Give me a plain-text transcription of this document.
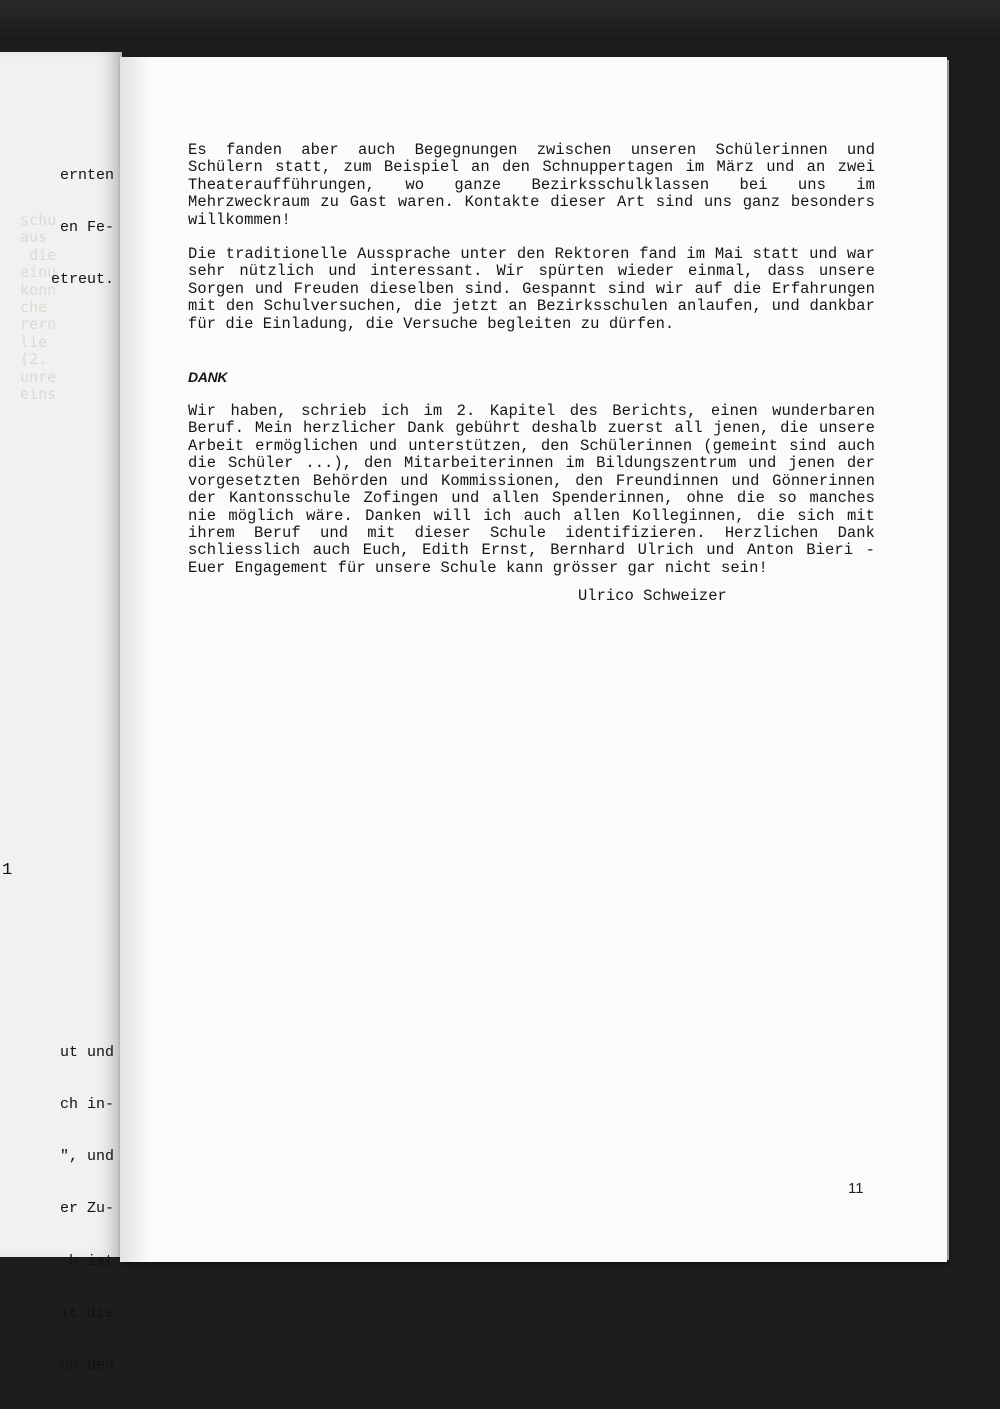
schu
aus
die
einu
konn
che
rern
lie
(2.
unre
eins

ernten

en Fe-

etreut.

1

ut und

ch in-

", und

er Zu-

h ist

it die

on den

Es fanden aber auch Begegnungen zwischen unseren Schülerinnen und Schülern statt, zum Beispiel an den Schnuppertagen im März und an zwei Theateraufführungen, wo ganze Bezirksschulklassen bei uns im Mehrzweckraum zu Gast waren. Kontakte dieser Art sind uns ganz besonders willkommen!

Die traditionelle Aussprache unter den Rektoren fand im Mai statt und war sehr nützlich und interessant. Wir spürten wieder einmal, dass unsere Sorgen und Freuden dieselben sind. Gespannt sind wir auf die Erfahrungen mit den Schulversuchen, die jetzt an Bezirksschulen anlaufen, und dankbar für die Einladung, die Versuche begleiten zu dürfen.

DANK

Wir haben, schrieb ich im 2. Kapitel des Berichts, einen wunderbaren Beruf. Mein herzlicher Dank gebührt deshalb zuerst all jenen, die unsere Arbeit ermöglichen und unterstützen, den Schülerinnen (gemeint sind auch die Schüler ...), den Mitarbeiterinnen im Bildungszentrum und jenen der vorgesetzten Behörden und Kommissionen, den Freundinnen und Gönnerinnen der Kantonsschule Zofingen und allen Spenderinnen, ohne die so manches nie möglich wäre. Danken will ich auch allen Kolleginnen, die sich mit ihrem Beruf und mit dieser Schule identifizieren. Herzlichen Dank schliesslich auch Euch, Edith Ernst, Bernhard Ulrich und Anton Bieri - Euer Engagement für unsere Schule kann grösser gar nicht sein!

Ulrico Schweizer

11
